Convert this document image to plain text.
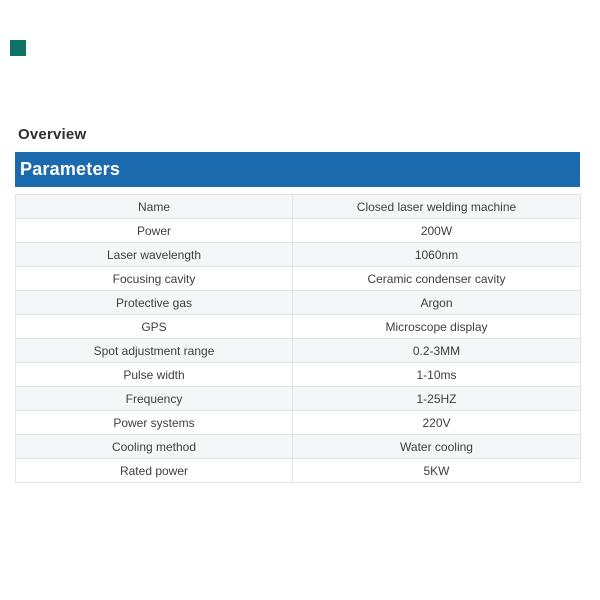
Overview
Parameters
Name	Closed laser welding machine
Power	200W
Laser wavelength	1060nm
Focusing cavity	Ceramic condenser cavity
Protective gas	Argon
GPS	Microscope display
Spot adjustment range	0.2-3MM
Pulse width	1-10ms
Frequency	1-25HZ
Power systems	220V
Cooling method	Water cooling
Rated power	5KW
